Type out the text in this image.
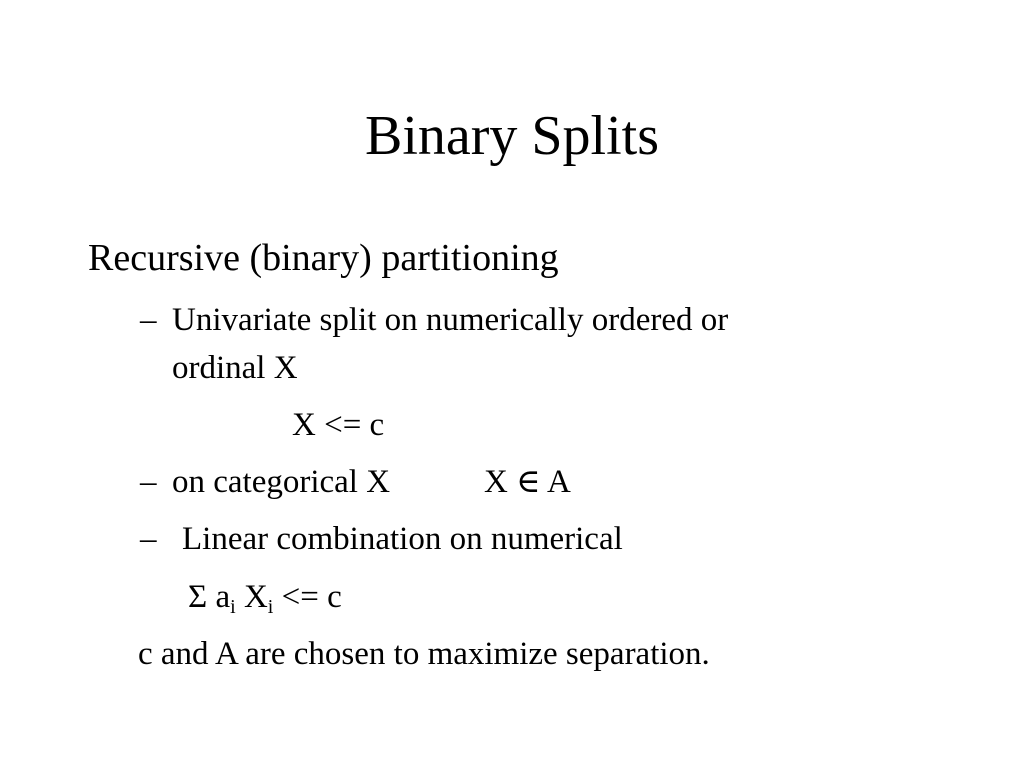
Binary Splits
Recursive (binary) partitioning
– Univariate split on numerically ordered or
ordinal X
X <= c
– on categorical X	X ∈ A
– Linear combination on numerical
Σ $a_i$ $X_i <= c$
c and A are chosen to maximize separation.
